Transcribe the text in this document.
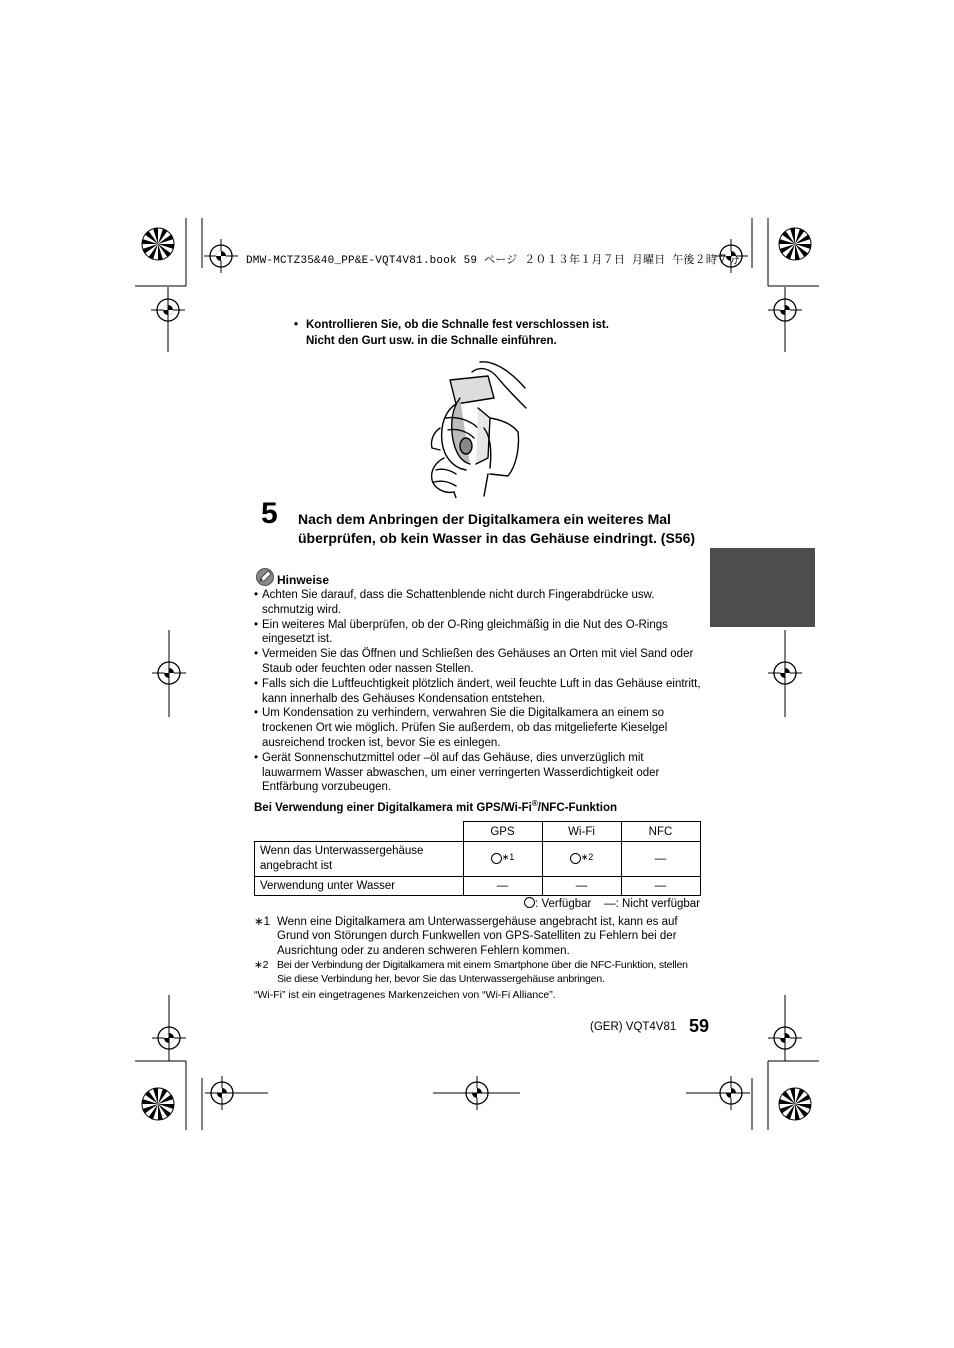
DMW-MCTZ35&40_PP&E-VQT4V81.book 59 ページ ２０１３年１月７日 月曜日 午後２時７分
• Kontrollieren Sie, ob die Schnalle fest verschlossen ist.
Nicht den Gurt usw. in die Schnalle einführen.
5 Nach dem Anbringen der Digitalkamera ein weiteres Mal überprüfen, ob kein Wasser in das Gehäuse eindringt. (S56)
Hinweise
• Achten Sie darauf, dass die Schattenblende nicht durch Fingerabdrücke usw. schmutzig wird.
• Ein weiteres Mal überprüfen, ob der O-Ring gleichmäßig in die Nut des O-Rings eingesetzt ist.
• Vermeiden Sie das Öffnen und Schließen des Gehäuses an Orten mit viel Sand oder Staub oder feuchten oder nassen Stellen.
• Falls sich die Luftfeuchtigkeit plötzlich ändert, weil feuchte Luft in das Gehäuse eintritt, kann innerhalb des Gehäuses Kondensation entstehen.
• Um Kondensation zu verhindern, verwahren Sie die Digitalkamera an einem so trockenen Ort wie möglich. Prüfen Sie außerdem, ob das mitgelieferte Kieselgel ausreichend trocken ist, bevor Sie es einlegen.
• Gerät Sonnenschutzmittel oder –öl auf das Gehäuse, dies unverzüglich mit lauwarmem Wasser abwaschen, um einer verringerten Wasserdichtigkeit oder Entfärbung vorzubeugen.
Bei Verwendung einer Digitalkamera mit GPS/Wi-Fi®/NFC-Funktion
	GPS	Wi-Fi	NFC
Wenn das Unterwassergehäuse angebracht ist	$^{∗1}$	$^{∗2}$	—
Verwendung unter Wasser	—	—	—
: Verfügbar —: Nicht verfügbar
∗1 Wenn eine Digitalkamera am Unterwassergehäuse angebracht ist, kann es auf Grund von Störungen durch Funkwellen von GPS-Satelliten zu Fehlern bei der Ausrichtung oder zu anderen schweren Fehlern kommen.
∗2 Bei der Verbindung der Digitalkamera mit einem Smartphone über die NFC-Funktion, stellen Sie diese Verbindung her, bevor Sie das Unterwassergehäuse anbringen.
“Wi-Fi” ist ein eingetragenes Markenzeichen von “Wi-Fi Alliance”.
(GER) VQT4V81 59
